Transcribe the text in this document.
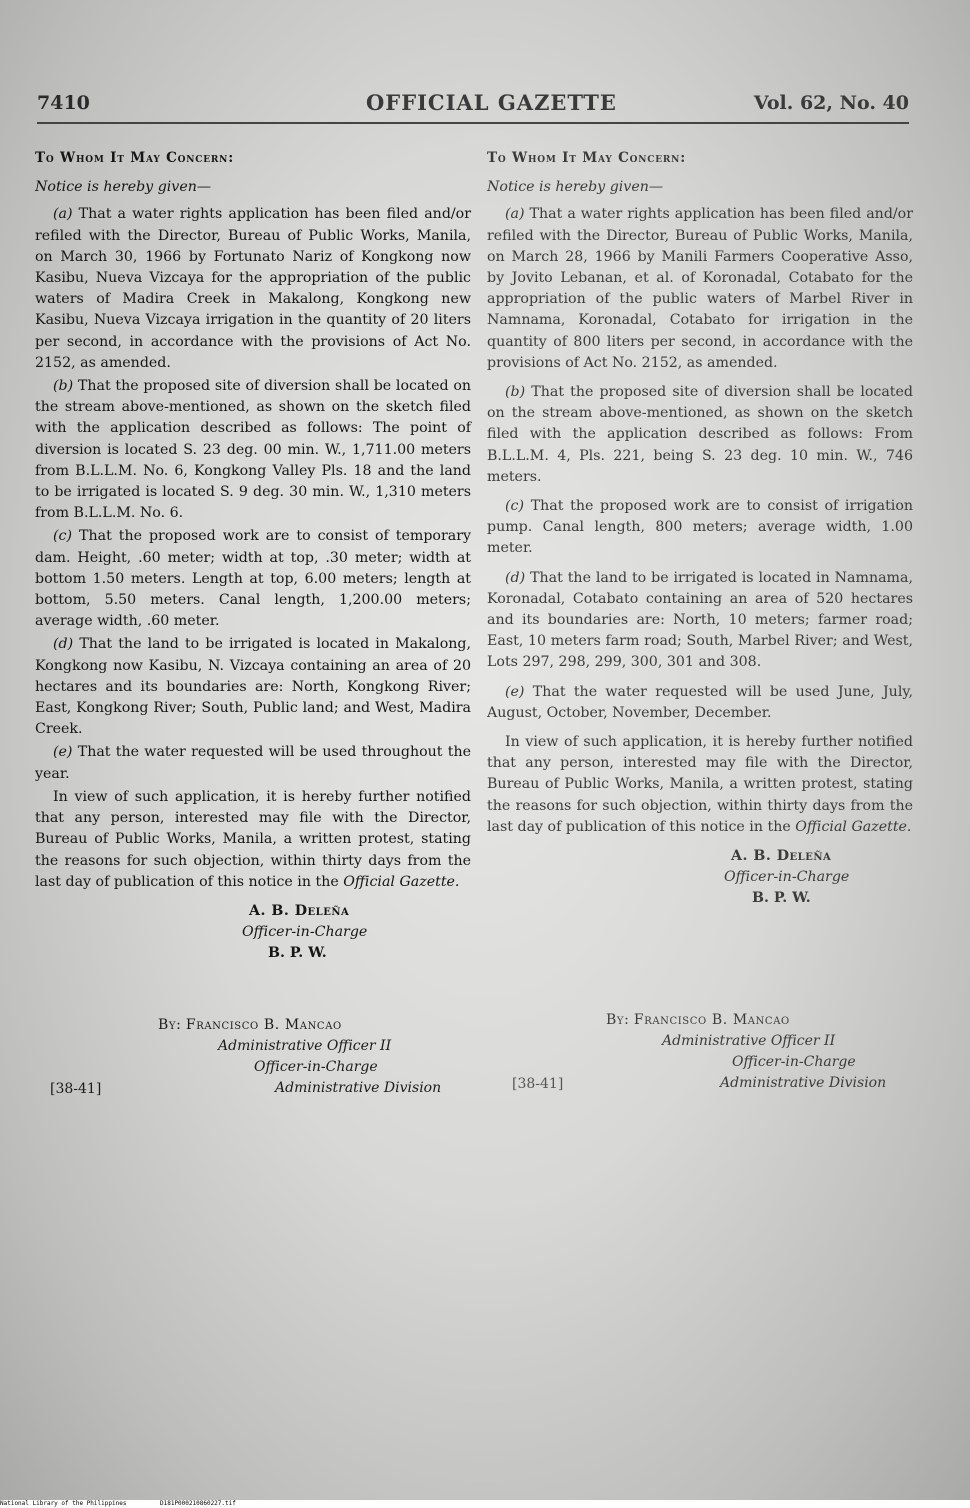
7410	OFFICIAL GAZETTE	Vol. 62, No. 40

To Whom It May Concern:

Notice is hereby given—

(a) That a water rights application has been filed and/or refiled with the Director, Bureau of Public Works, Manila, on March 30, 1966 by Fortunato Nariz of Kongkong now Kasibu, Nueva Vizcaya for the appropriation of the public waters of Madira Creek in Makalong, Kongkong new Kasibu, Nueva Vizcaya irrigation in the quantity of 20 liters per second, in accordance with the provisions of Act No. 2152, as amended.

(b) That the proposed site of diversion shall be located on the stream above-mentioned, as shown on the sketch filed with the application described as follows: The point of diversion is located S. 23 deg. 00 min. W., 1,711.00 meters from B.L.L.M. No. 6, Kongkong Valley Pls. 18 and the land to be irrigated is located S. 9 deg. 30 min. W., 1,310 meters from B.L.L.M. No. 6.

(c) That the proposed work are to consist of temporary dam. Height, .60 meter; width at top, .30 meter; width at bottom 1.50 meters. Length at top, 6.00 meters; length at bottom, 5.50 meters. Canal length, 1,200.00 meters; average width, .60 meter.

(d) That the land to be irrigated is located in Makalong, Kongkong now Kasibu, N. Vizcaya containing an area of 20 hectares and its boundaries are: North, Kongkong River; East, Kongkong River; South, Public land; and West, Madira Creek.

(e) That the water requested will be used throughout the year.

In view of such application, it is hereby further notified that any person, interested may file with the Director, Bureau of Public Works, Manila, a written protest, stating the reasons for such objection, within thirty days from the last day of publication of this notice in the Official Gazette.

A. B. Deleña
Officer-in-Charge
B. P. W.
By: Francisco B. Mancao
Administrative Officer II
Officer-in-Charge
Administrative Division
[38-41]

To Whom It May Concern:

Notice is hereby given—

(a) That a water rights application has been filed and/or refiled with the Director, Bureau of Public Works, Manila, on March 28, 1966 by Manili Farmers Cooperative Asso, by Jovito Lebanan, et al. of Koronadal, Cotabato for the appropriation of the public waters of Marbel River in Namnama, Koronadal, Cotabato for irrigation in the quantity of 800 liters per second, in accordance with the provisions of Act No. 2152, as amended.

(b) That the proposed site of diversion shall be located on the stream above-mentioned, as shown on the sketch filed with the application described as follows: From B.L.L.M. 4, Pls. 221, being S. 23 deg. 10 min. W., 746 meters.

(c) That the proposed work are to consist of irrigation pump. Canal length, 800 meters; average width, 1.00 meter.

(d) That the land to be irrigated is located in Namnama, Koronadal, Cotabato containing an area of 520 hectares and its boundaries are: North, 10 meters; farmer road; East, 10 meters farm road; South, Marbel River; and West, Lots 297, 298, 299, 300, 301 and 308.

(e) That the water requested will be used June, July, August, October, November, December.

In view of such application, it is hereby further notified that any person, interested may file with the Director, Bureau of Public Works, Manila, a written protest, stating the reasons for such objection, within thirty days from the last day of publication of this notice in the Official Gazette.

A. B. Deleña
Officer-in-Charge
B. P. W.
By: Francisco B. Mancao
Administrative Officer II
Officer-in-Charge
Administrative Division
[38-41]
National Library of the Philippines	D181P000210860227.tif
